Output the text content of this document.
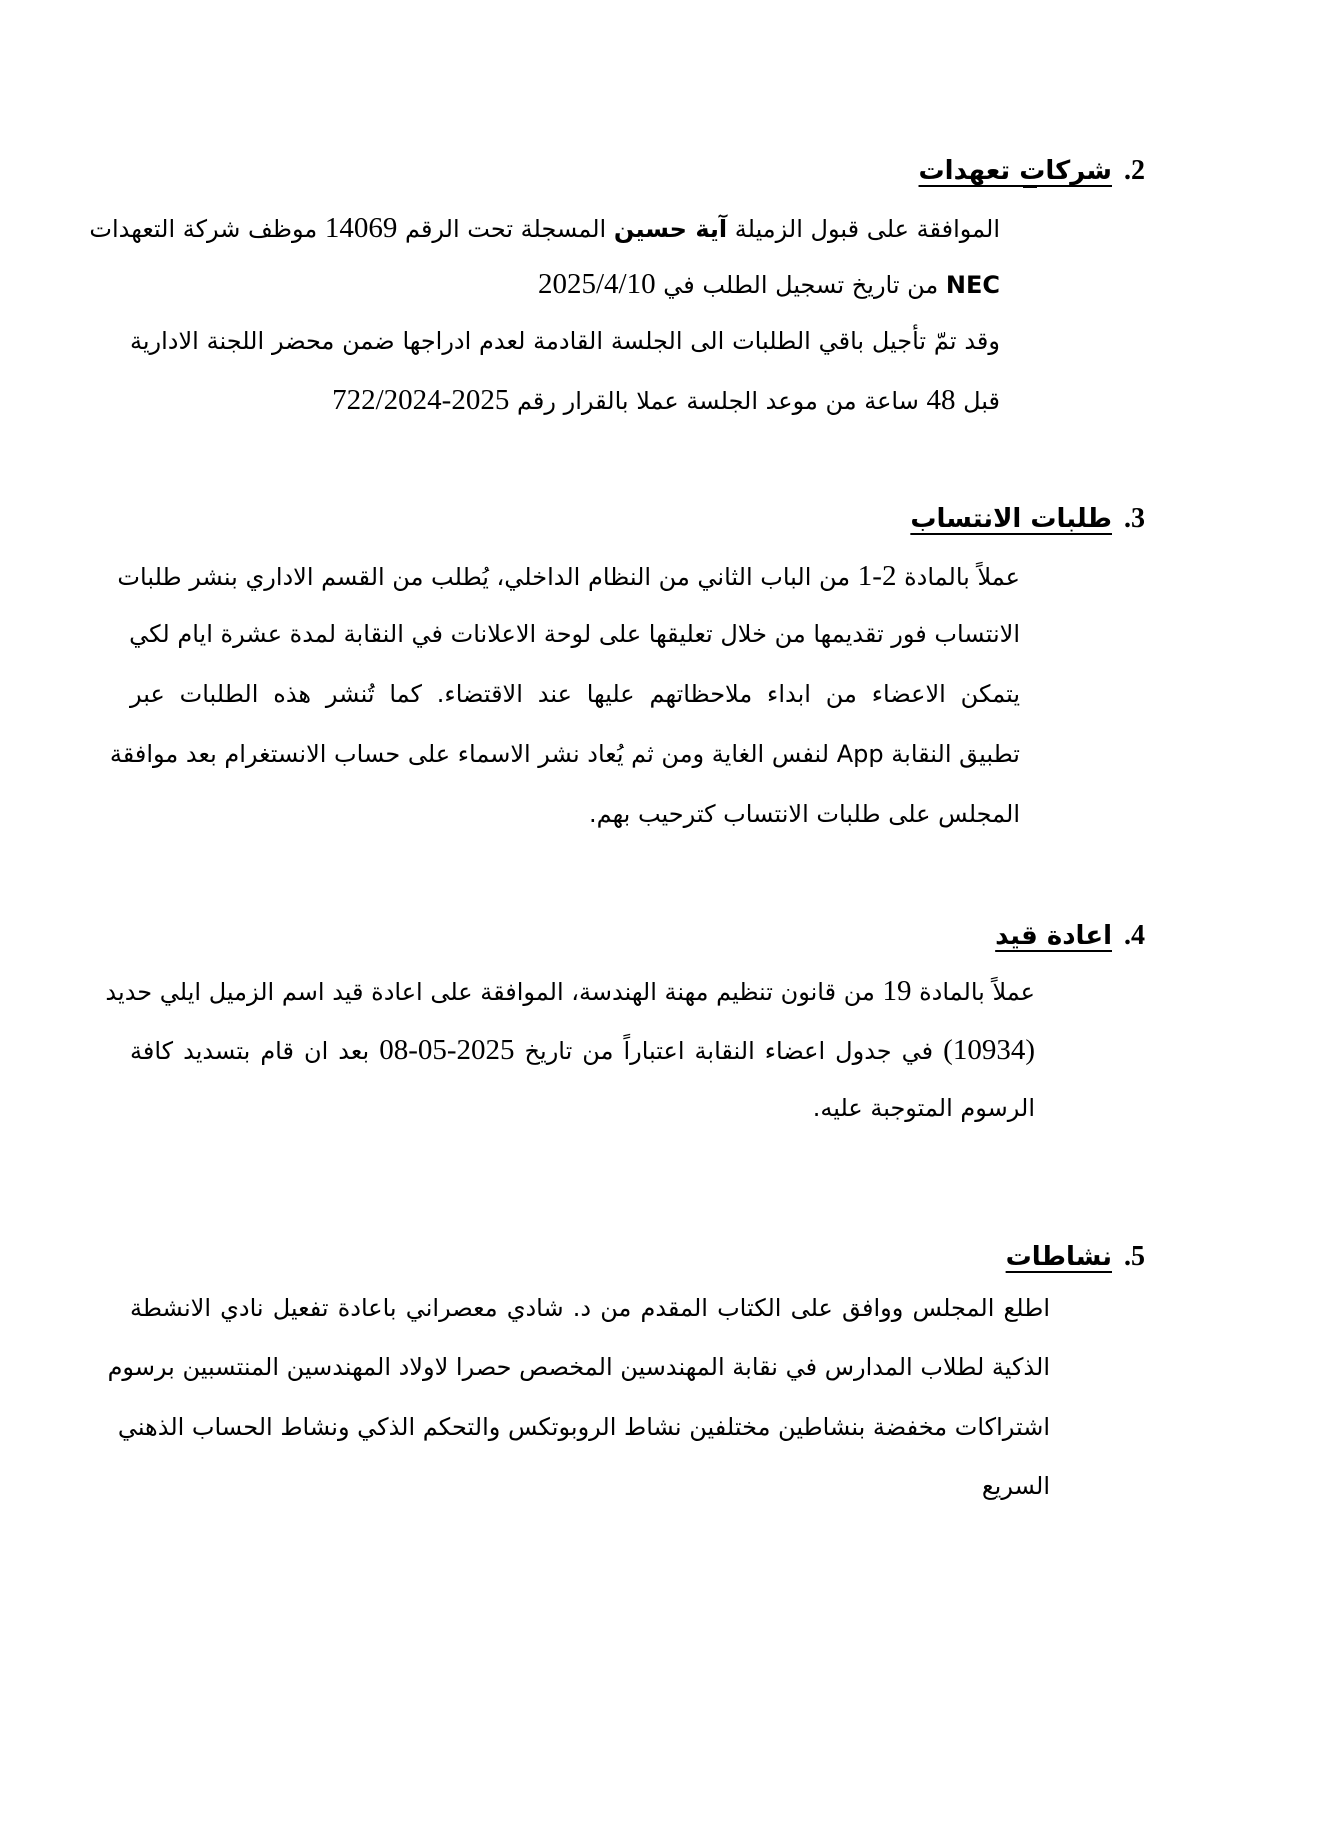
2.شركات تعهدات
الموافقة على قبول الزميلة آية حسين المسجلة تحت الرقم 14069 موظف شركة التعهدات
NEC من تاريخ تسجيل الطلب في 2025/4/10
وقد تمّ تأجيل باقي الطلبات الى الجلسة القادمة لعدم ادراجها ضمن محضر اللجنة الادارية
قبل 48 ساعة من موعد الجلسة عملا بالقرار رقم 722/2024-2025
3.طلبات الانتساب
عملاً بالمادة 1-2 من الباب الثاني من النظام الداخلي، يُطلب من القسم الاداري بنشر طلبات
الانتساب فور تقديمها من خلال تعليقها على لوحة الاعلانات في النقابة لمدة عشرة ايام لكي
يتمكن الاعضاء من ابداء ملاحظاتهم عليها عند الاقتضاء. كما تُنشر هذه الطلبات عبر
تطبيق النقابة App لنفس الغاية ومن ثم يُعاد نشر الاسماء على حساب الانستغرام بعد موافقة
المجلس على طلبات الانتساب كترحيب بهم.
4.اعادة قيد
عملاً بالمادة 19 من قانون تنظيم مهنة الهندسة، الموافقة على اعادة قيد اسم الزميل ايلي حديد
(10934) في جدول اعضاء النقابة اعتباراً من تاريخ 08-05-2025 بعد ان قام بتسديد كافة
الرسوم المتوجبة عليه.
5.نشاطات
اطلع المجلس ووافق على الكتاب المقدم من د. شادي معصراني باعادة تفعيل نادي الانشطة
الذكية لطلاب المدارس في نقابة المهندسين المخصص حصرا لاولاد المهندسين المنتسبين برسوم
اشتراكات مخفضة بنشاطين مختلفين نشاط الروبوتكس والتحكم الذكي ونشاط الحساب الذهني
السريع
